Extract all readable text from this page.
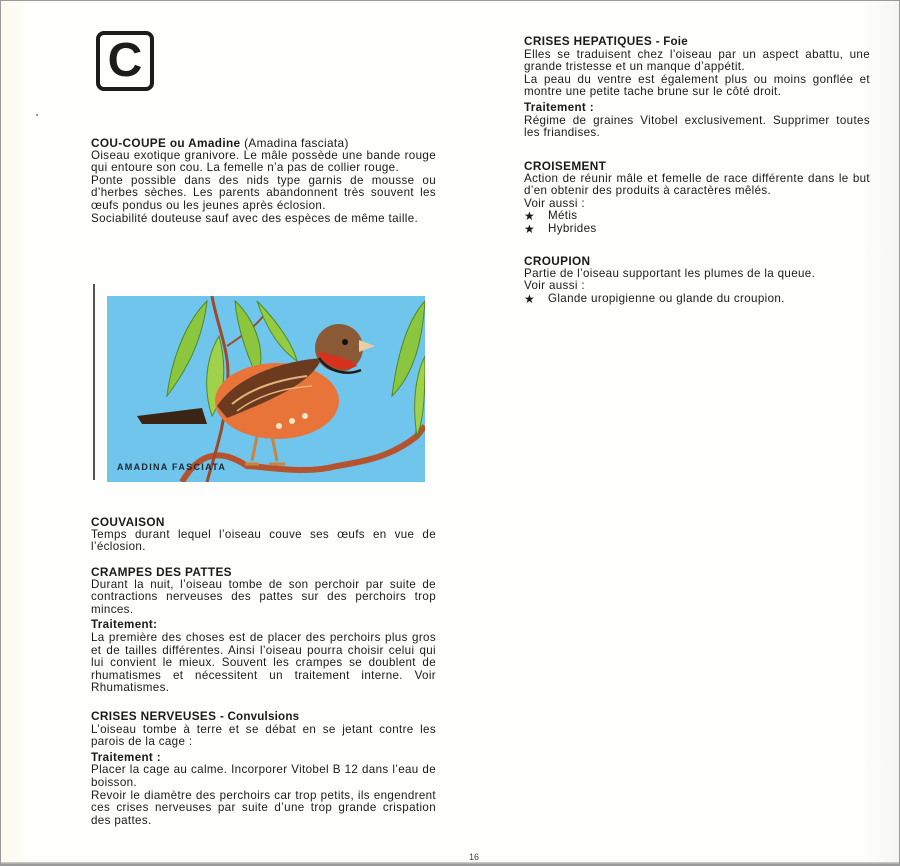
C
COU-COUPE ou Amadine (Amadina fasciata)

Oiseau exotique granivore. Le mâle possède une bande rouge qui entoure son cou. La femelle n’a pas de collier rouge.

Ponte possible dans des nids type garnis de mousse ou d’herbes sèches. Les parents abandonnent très souvent les œufs pondus ou les jeunes après éclosion.

Sociabilité douteuse sauf avec des espèces de même taille.

AMADINA FASCIATA
COUVAISON

Temps durant lequel l’oiseau couve ses œufs en vue de l’éclosion.

CRAMPES DES PATTES

Durant la nuit, l’oiseau tombe de son perchoir par suite de contractions nerveuses des pattes sur des perchoirs trop minces.

Traitement:

La première des choses est de placer des perchoirs plus gros et de tailles différentes. Ainsi l’oiseau pourra choisir celui qui lui convient le mieux. Souvent les crampes se doublent de rhumatismes et nécessitent un traitement interne. Voir Rhumatismes.

CRISES NERVEUSES - Convulsions

L’oiseau tombe à terre et se débat en se jetant contre les parois de la cage :

Traitement :

Placer la cage au calme. Incorporer Vitobel B 12 dans l’eau de boisson.

Revoir le diamètre des perchoirs car trop petits, ils engendrent ces crises nerveuses par suite d’une trop grande crispation des pattes.

CRISES HEPATIQUES - Foie

Elles se traduisent chez l’oiseau par un aspect abattu, une grande tristesse et un manque d’appétit.

La peau du ventre est également plus ou moins gonflée et montre une petite tache brune sur le côté droit.

Traitement :

Régime de graines Vitobel exclusivement. Supprimer toutes les friandises.

CROISEMENT

Action de réunir mâle et femelle de race différente dans le but d’en obtenir des produits à caractères mêlés.

Voir aussi :
★	Métis
★	Hybrides
CROUPION

Partie de l’oiseau supportant les plumes de la queue.

Voir aussi :
★	Glande uropigienne ou glande du croupion.
16
